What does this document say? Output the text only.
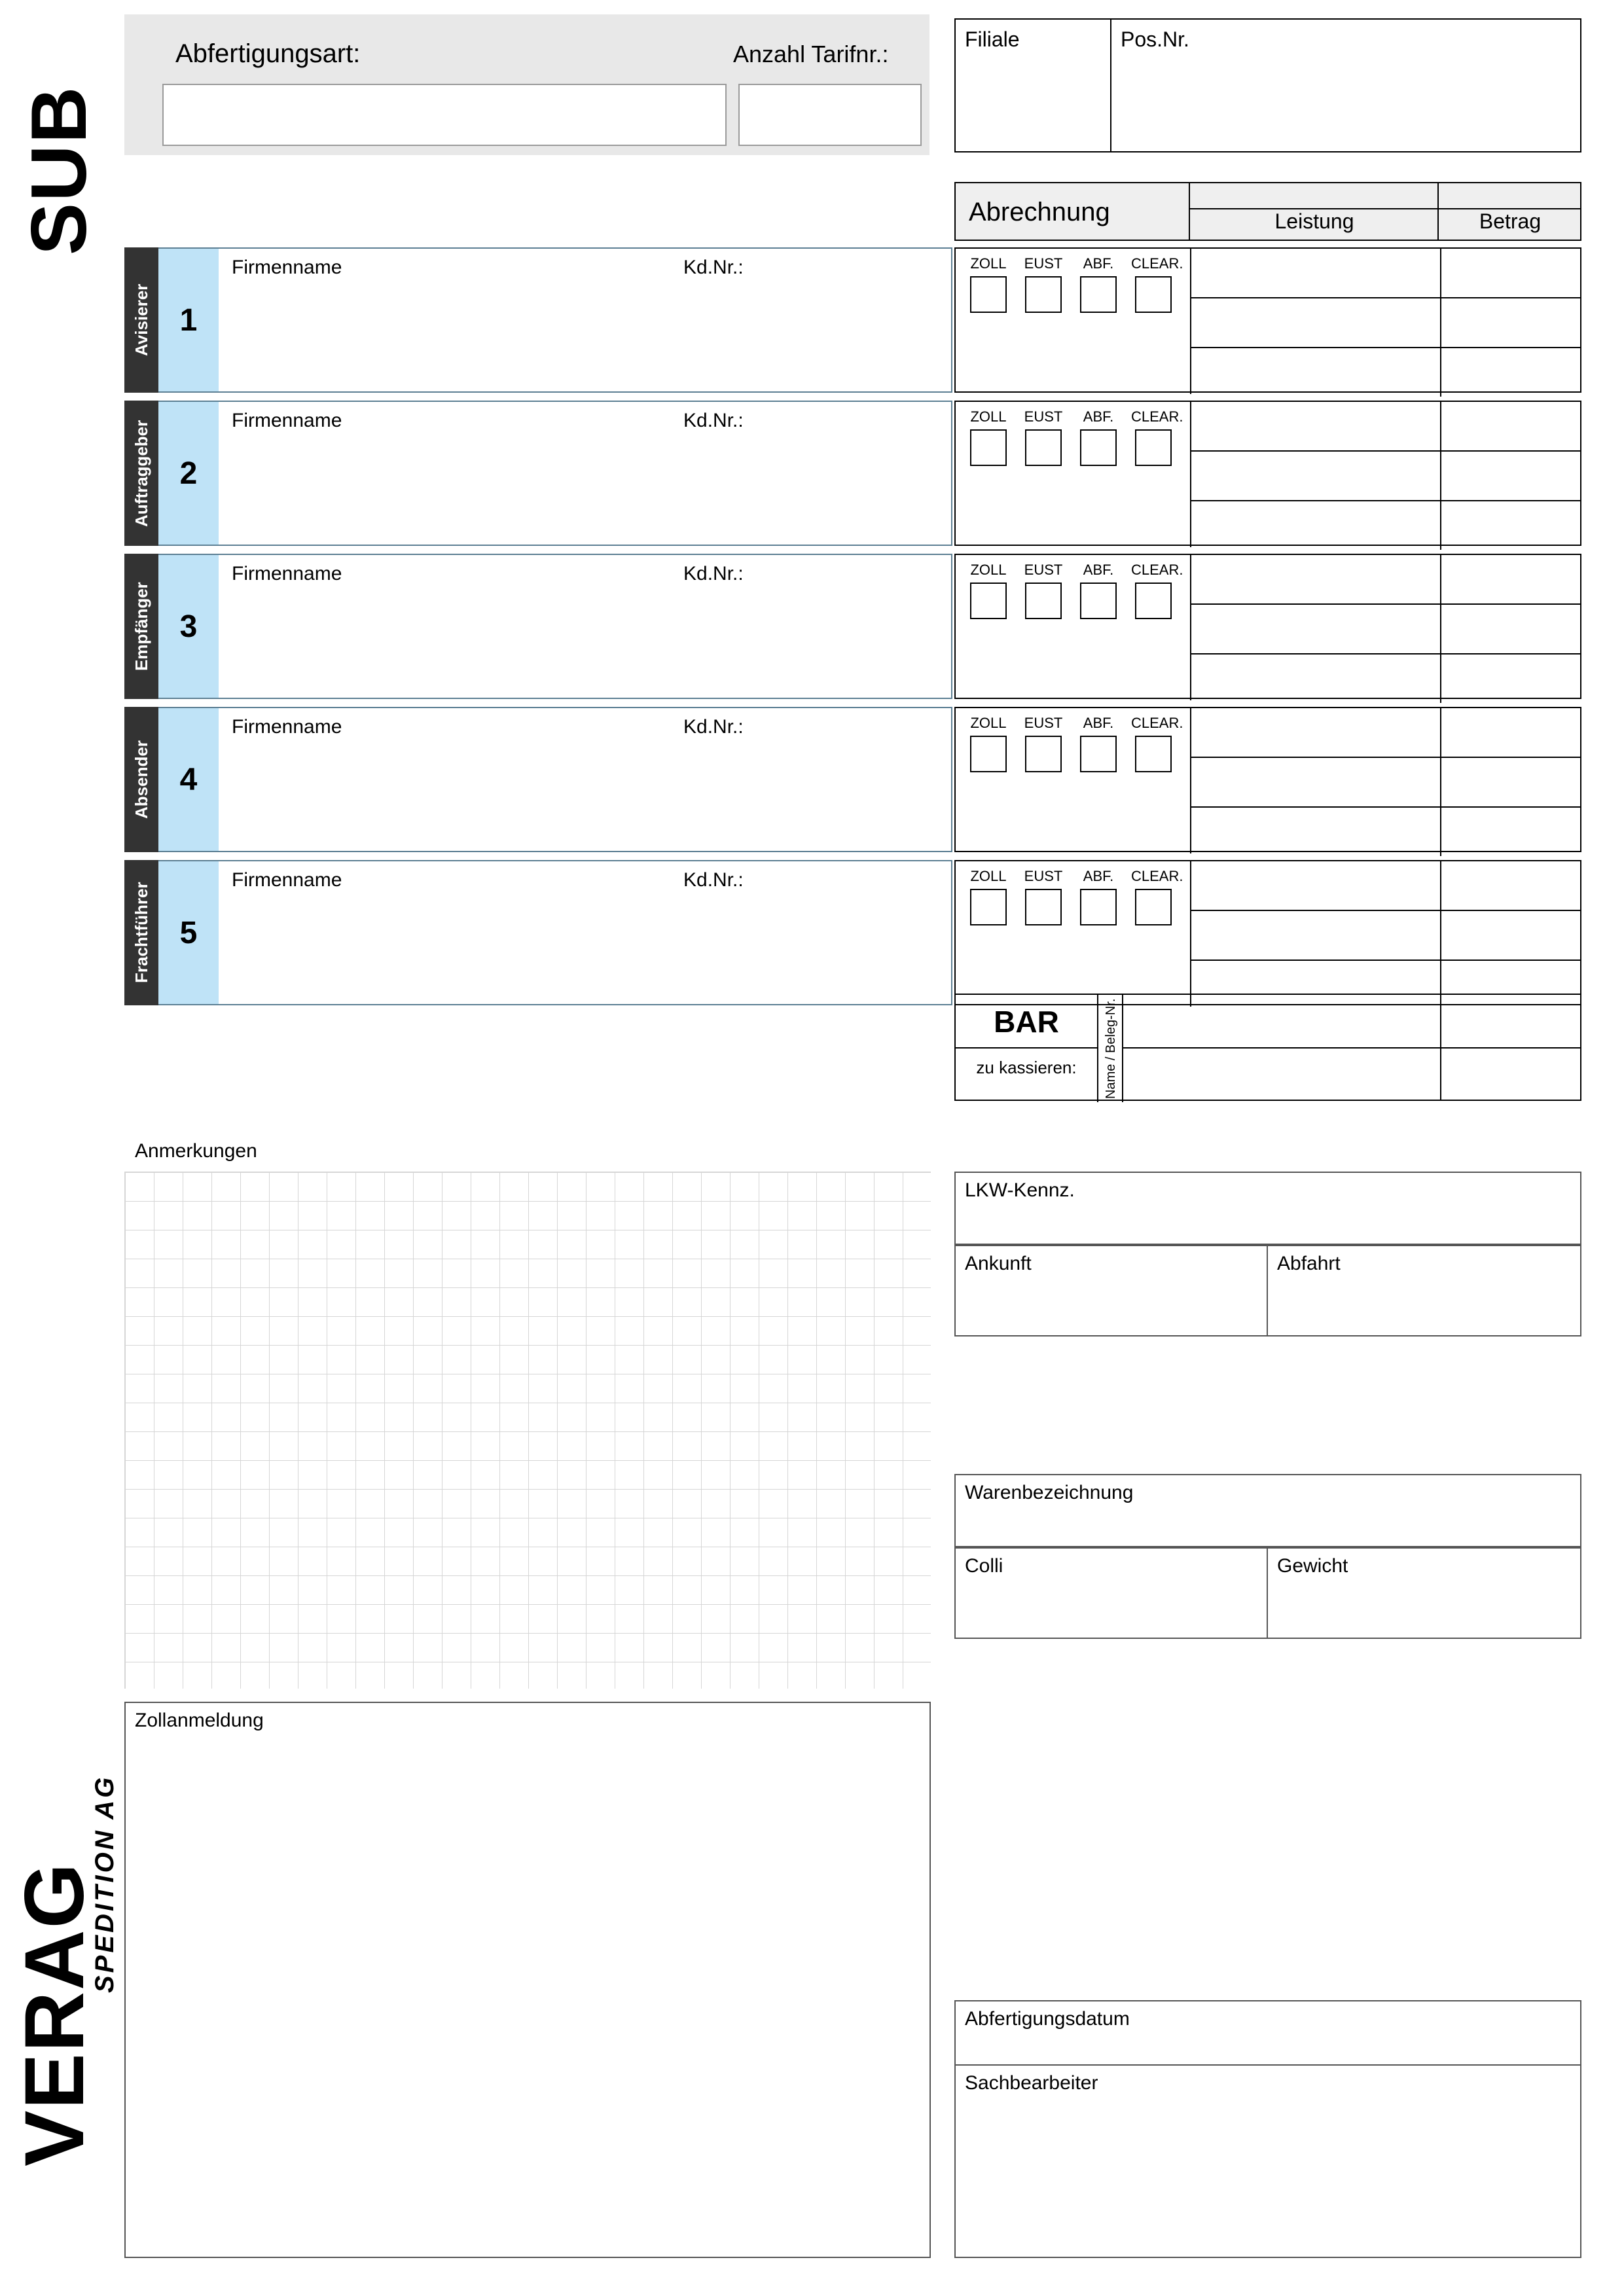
SUB
VERAG
SPEDITION AG
Abfertigungsart:	Anzahl Tarifnr.:
Filiale	Pos.Nr.
Abrechnung	Leistung	Betrag
Avisierer 1
Firmenname	Kd.Nr.:	ZOLL EUST	ABF.	CLEAR.
Auftraggeber 2
Firmenname	Kd.Nr.:	ZOLL EUST	ABF.	CLEAR.
Empfänger 3
Firmenname	Kd.Nr.:	ZOLL EUST	ABF.	CLEAR.
Absender 4
Firmenname	Kd.Nr.:	ZOLL EUST	ABF.	CLEAR.
Frachtführer 5
Firmenname	Kd.Nr.:	ZOLL EUST	ABF.	CLEAR.
BAR
zu kassieren:	Name / Beleg-Nr.
Anmerkungen
Zollanmeldung
LKW-Kennz.
Ankunft	Abfahrt
Warenbezeichnung
Colli	Gewicht
Abfertigungsdatum
Sachbearbeiter
